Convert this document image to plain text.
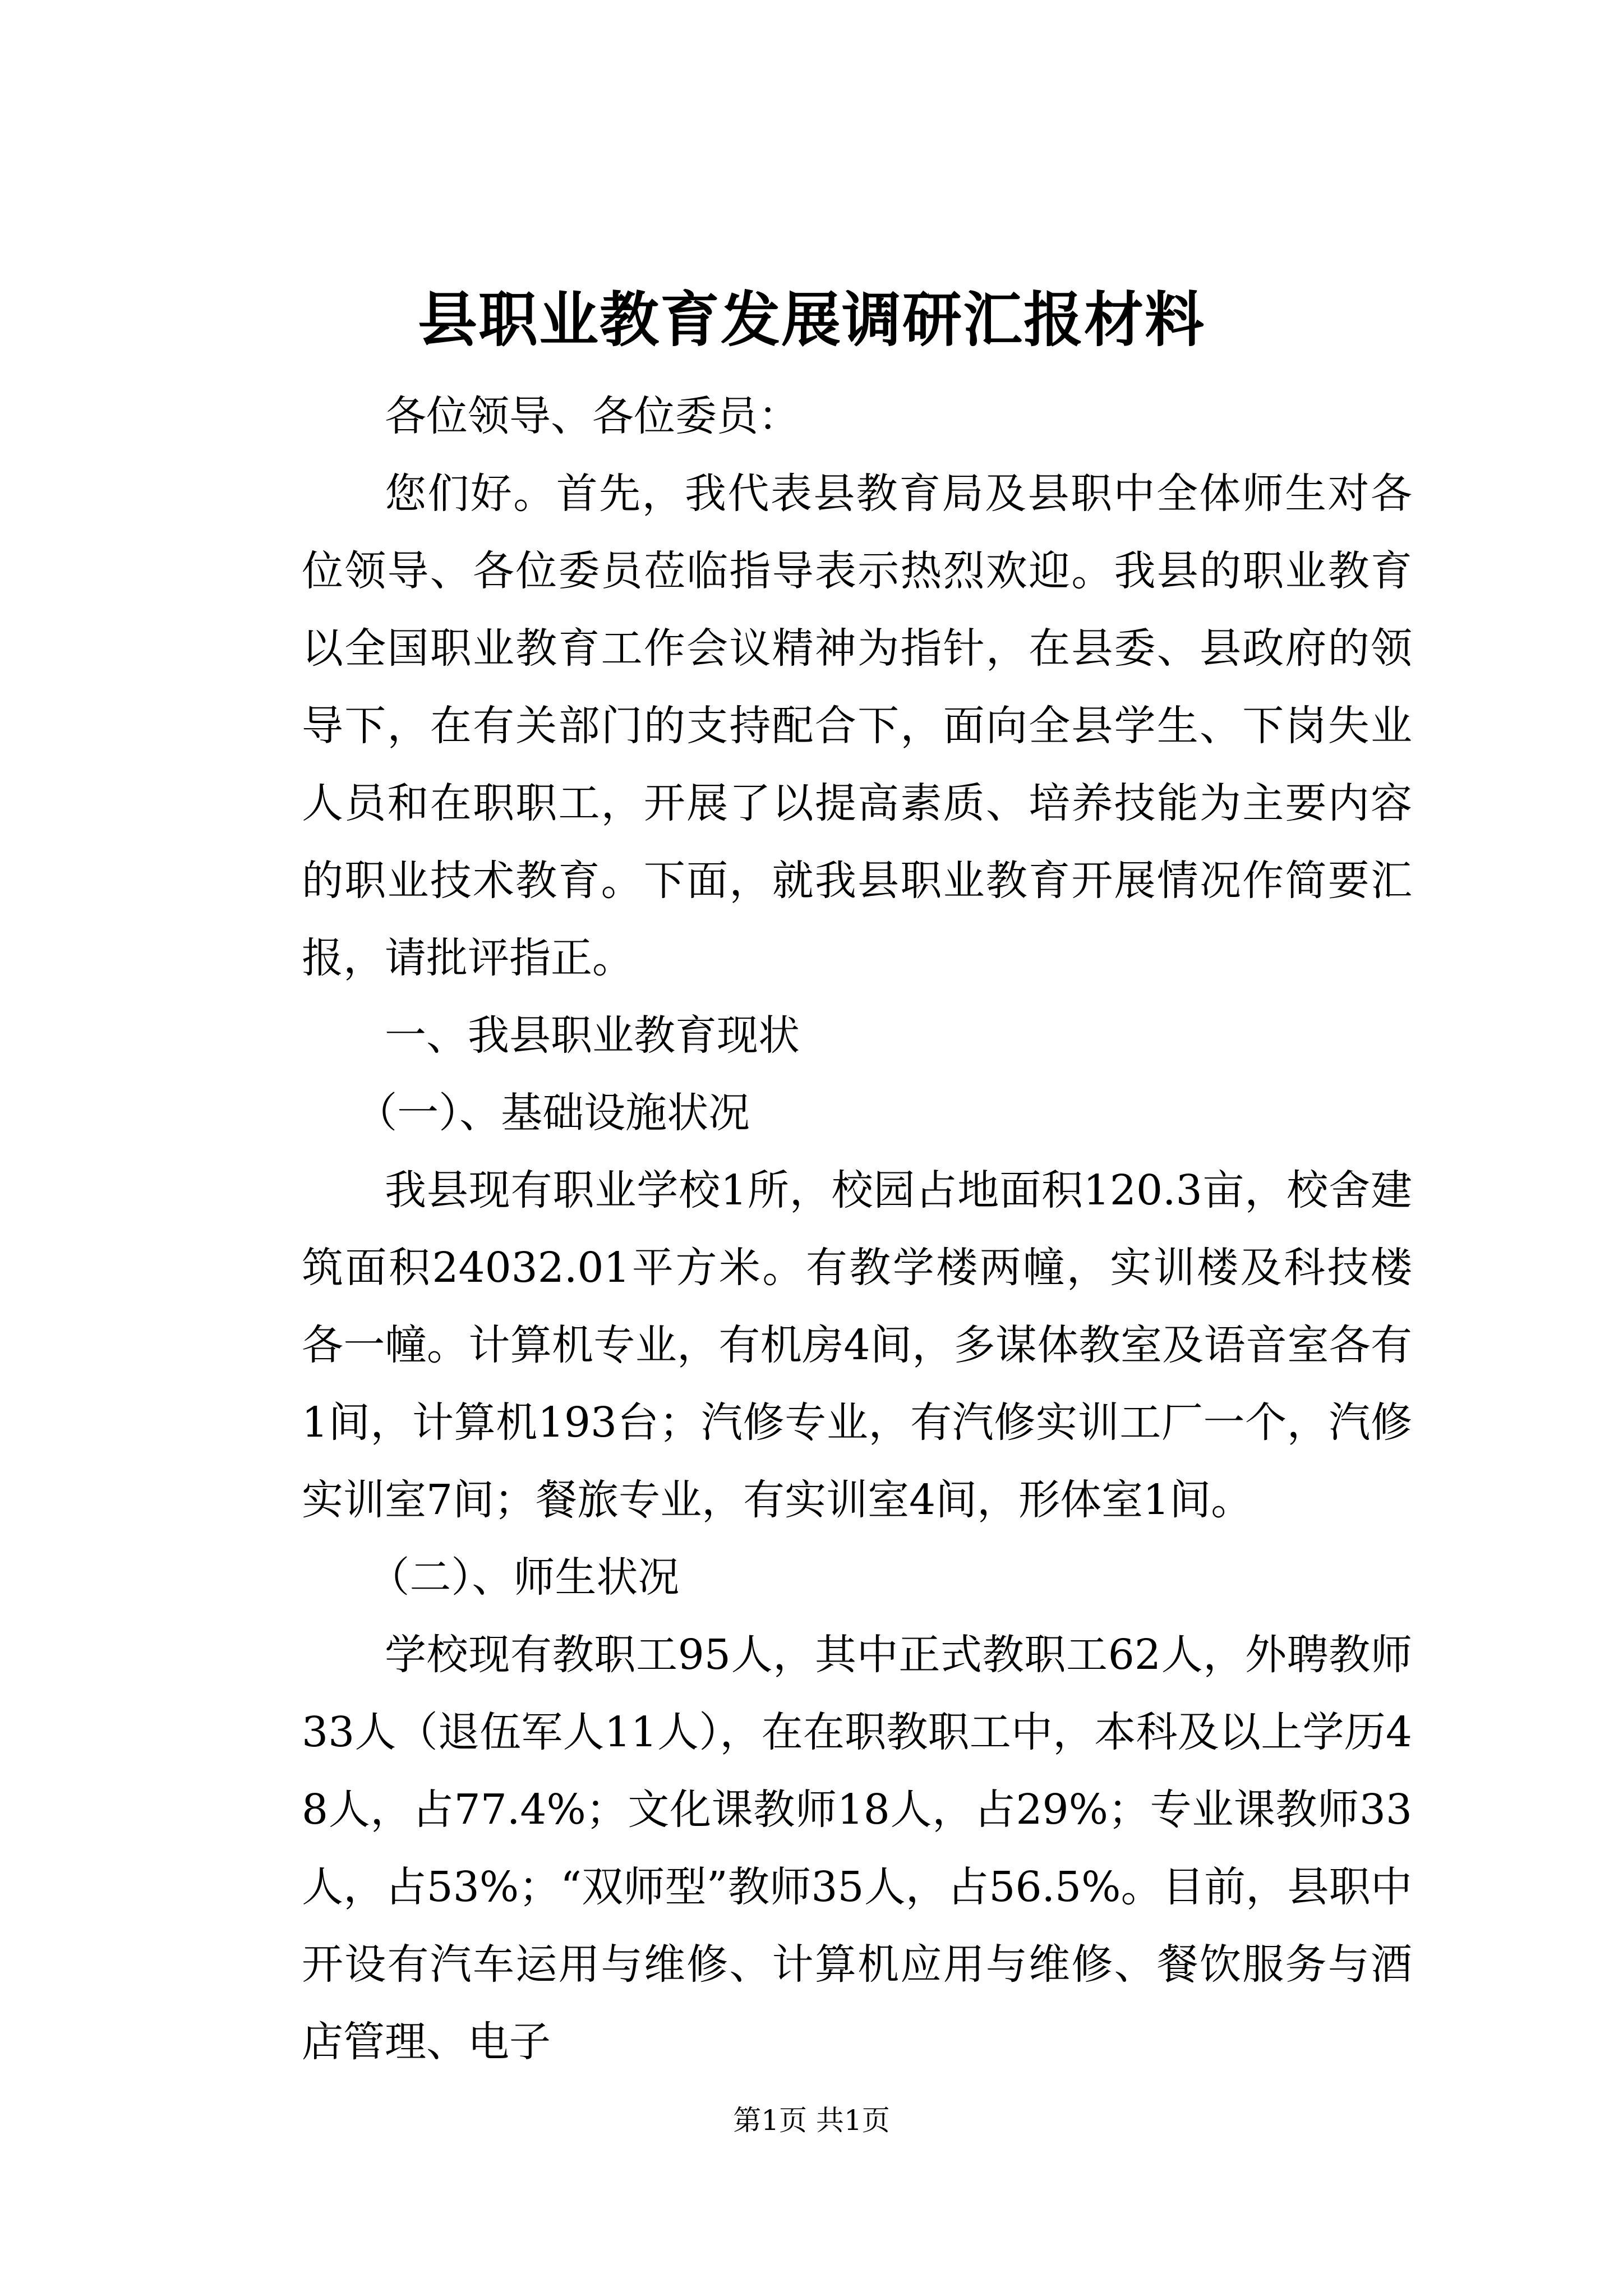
县职业教育发展调研汇报材料

各位领导、各位委员：

您们好。首先，我代表县教育局及县职中全体师生对各位领导、各位委员莅临指导表示热烈欢迎。我县的职业教育以全国职业教育工作会议精神为指针，在县委、县政府的领导下，在有关部门的支持配合下，面向全县学生、下岗失业人员和在职职工，开展了以提高素质、培养技能为主要内容的职业技术教育。下面，就我县职业教育开展情况作简要汇报，请批评指正。

一、我县职业教育现状

（一）、基础设施状况

我县现有职业学校1所，校园占地面积120.3亩，校舍建筑面积24032.01平方米。有教学楼两幢，实训楼及科技楼各一幢。计算机专业，有机房4间，多谋体教室及语音室各有1间，计算机193台；汽修专业，有汽修实训工厂一个，汽修实训室7间；餐旅专业，有实训室4间，形体室1间。

（二）、师生状况

学校现有教职工95人，其中正式教职工62人，外聘教师33人（退伍军人11人），在在职教职工中，本科及以上学历48人，占77.4%；文化课教师18人，占29%；专业课教师33人，占53%；“双师型”教师35人，占56.5%。目前，县职中开设有汽车运用与维修、计算机应用与维修、餐饮服务与酒店管理、电子

第1页 共1页
